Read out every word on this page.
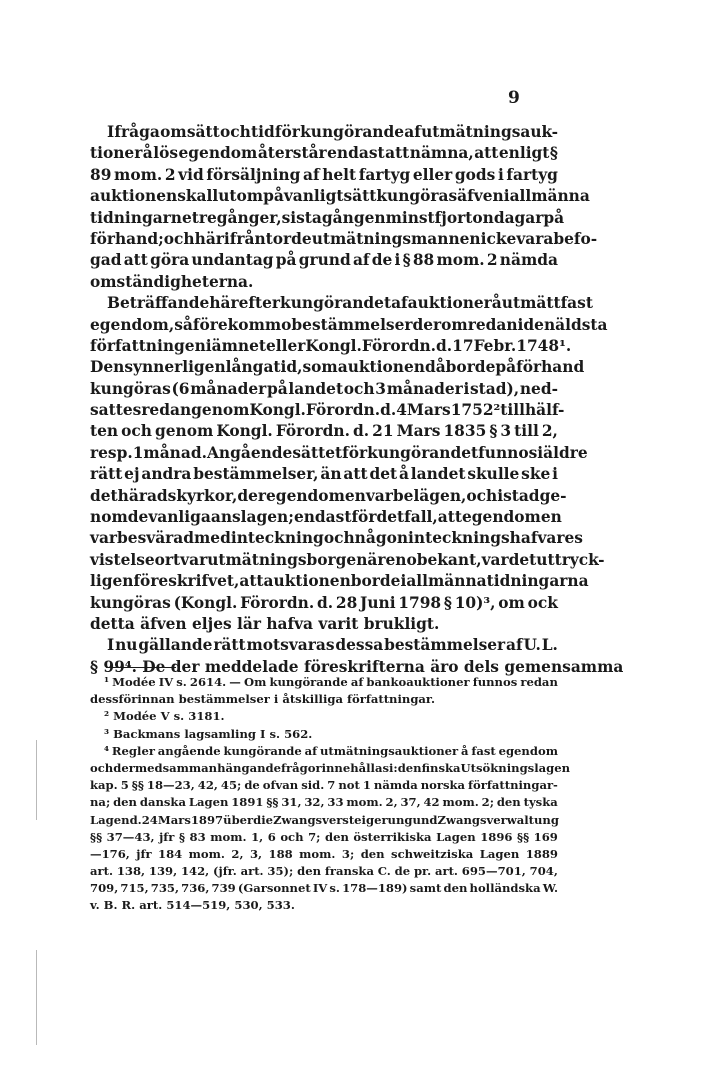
9
I fråga om sätt och tid för kungörande af utmätningsauk-
tioner å lös egendom återstår endast att nämna, att enligt §
89 mom. 2 vid försäljning af helt fartyg eller gods i fartyg
auktionen skall utom på vanligt sätt kungöras äfven i allmänna
tidningarne tre gånger, sista gången minst fjorton dagar på
förhand; och härifrån torde utmätningsmannen icke vara befo-
gad att göra undantag på grund af de i § 88 mom. 2 nämda
omständigheterna.
Beträffande härefter kungörandet af auktioner å utmätt fast
egendom, så förekommo bestämmelser derom redan i den äldsta
författningen i ämnet eller Kongl. Förordn. d. 17 Febr. 1748¹.
Den synnerligen långa tid, som auktionen då borde på förhand
kungöras (6 månader på landet och 3 månader i stad), ned-
sattes redan genom Kongl. Förordn. d. 4 Mars 1752² till hälf-
ten och genom Kongl. Förordn. d. 21 Mars 1835 § 3 till 2,
resp. 1 månad. Angående sättet för kungörandet funnos i äldre
rätt ej andra bestämmelser, än att det å landet skulle ske i
det härads kyrkor, der egendomen var belägen, och i stad ge-
nom de vanliga anslagen; endast för det fall, att egendomen
var besvärad med inteckning och någon inteckningshafvares
vistelseort var utmätningsborgenären obekant, var det uttryck-
ligen föreskrifvet, att auktionen borde i allmänna tidningarna
kungöras (Kongl. Förordn. d. 28 Juni 1798 § 10)³, om ock
detta äfven eljes lär hafva varit brukligt.
I nu gällande rätt motsvaras dessa bestämmelser af U. L.
§ 99⁴. De der meddelade föreskrifterna äro dels gemensamma
¹ Modée IV s. 2614. — Om kungörande af bankoauktioner funnos redan
dessförinnan bestämmelser i åtskilliga författningar.
² Modée V s. 3181.
³ Backmans lagsamling I s. 562.
⁴ Regler angående kungörande af utmätningsauktioner å fast egendom
och dermed sammanhängande frågor innehållas i: den finska Utsökningslagen
kap. 5 §§ 18—23, 42, 45; de ofvan sid. 7 not 1 nämda norska författningar-
na; den danska Lagen 1891 §§ 31, 32, 33 mom. 2, 37, 42 mom. 2; den tyska
Lagen d. 24 Mars 1897 über die Zwangsversteigerung und Zwangsverwaltung
§§ 37—43, jfr § 83 mom. 1, 6 och 7; den österrikiska Lagen 1896 §§ 169
—176, jfr 184 mom. 2, 3, 188 mom. 3; den schweitziska Lagen 1889
art. 138, 139, 142, (jfr. art. 35); den franska C. de pr. art. 695—701, 704,
709, 715, 735, 736, 739 (Garsonnet IV s. 178—189) samt den holländska W.
v. B. R. art. 514—519, 530, 533.
